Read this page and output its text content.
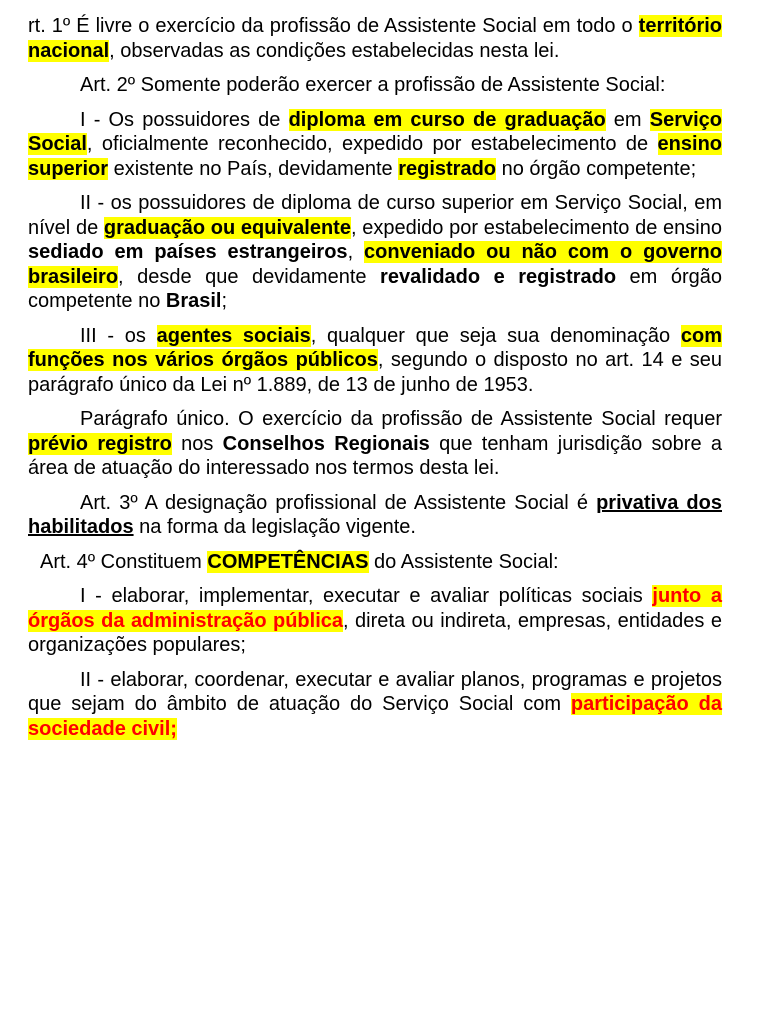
rt. 1º É livre o exercício da profissão de Assistente Social em todo o território nacional, observadas as condições estabelecidas nesta lei.

Art. 2º Somente poderão exercer a profissão de Assistente Social:

I - Os possuidores de diploma em curso de graduação em Serviço Social, oficialmente reconhecido, expedido por estabelecimento de ensino superior existente no País, devidamente registrado no órgão competente;

II - os possuidores de diploma de curso superior em Serviço Social, em nível de graduação ou equivalente, expedido por estabelecimento de ensino sediado em países estrangeiros, conveniado ou não com o governo brasileiro, desde que devidamente revalidado e registrado em órgão competente no Brasil;

III - os agentes sociais, qualquer que seja sua denominação com funções nos vários órgãos públicos, segundo o disposto no art. 14 e seu parágrafo único da Lei nº 1.889, de 13 de junho de 1953.

Parágrafo único. O exercício da profissão de Assistente Social requer prévio registro nos Conselhos Regionais que tenham jurisdição sobre a área de atuação do interessado nos termos desta lei.

Art. 3º A designação profissional de Assistente Social é privativa dos habilitados na forma da legislação vigente.

Art. 4º Constituem COMPETÊNCIAS do Assistente Social:

I - elaborar, implementar, executar e avaliar políticas sociais junto a órgãos da administração pública, direta ou indireta, empresas, entidades e organizações populares;

II - elaborar, coordenar, executar e avaliar planos, programas e projetos que sejam do âmbito de atuação do Serviço Social com participação da sociedade civil;
